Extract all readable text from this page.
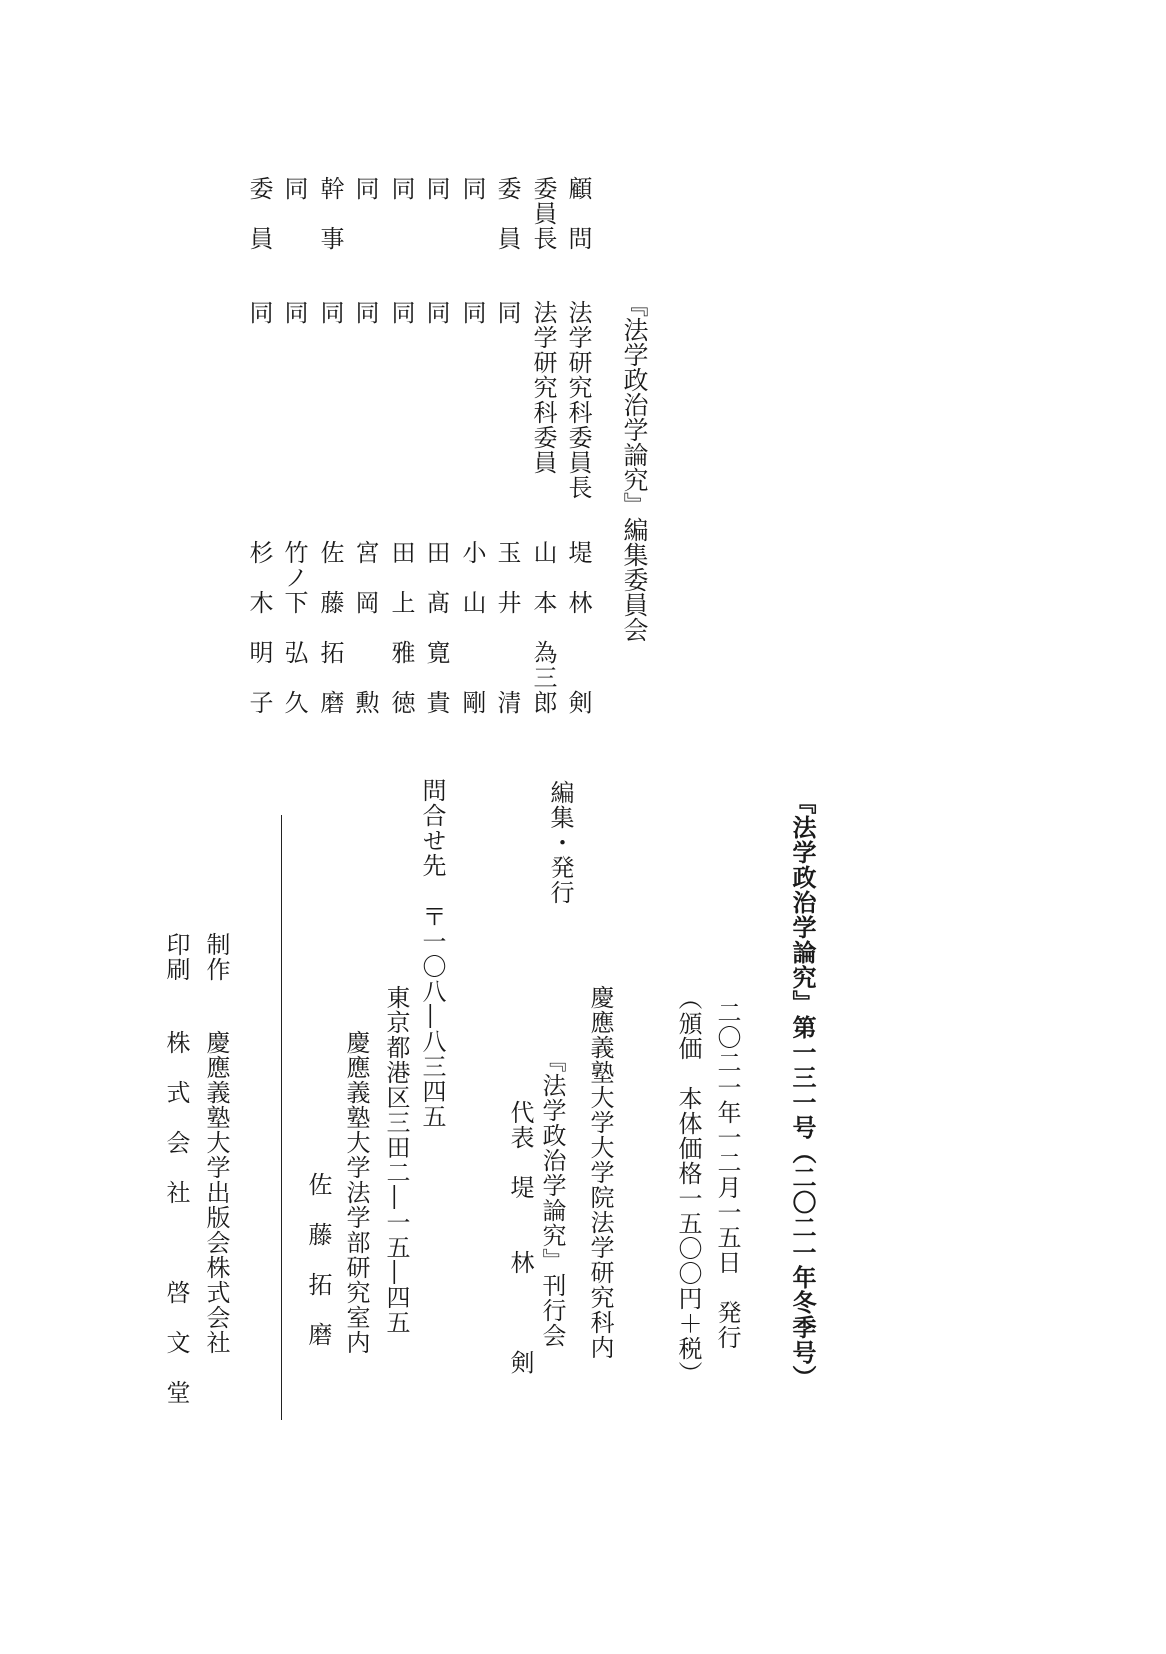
『法学政治学論究』編集委員会
顧　問
法学研究科委員長
堤　林　　　剣
委員長
法学研究科委員
山　本　為三郎
委　員
同
玉　井　　　清
同
同
小　山　　　剛
同
同
田　髙　寛　貴
同
同
田　上　雅　徳
同
同
宮　岡　　　勲
幹　事
同
佐　藤　拓　磨
同
同
竹ノ下　弘　久
委　員
同
杉　木　明　子
『法学政治学論究』第一三一号（二〇二一年冬季号）
二〇二一年一二月一五日　発行
（頒価　本体価格一五〇〇円＋税）
編集・発行
慶應義塾大学大学院法学研究科内
『法学政治学論究』刊行会
代表　堤　　林　　　剣
問合せ先
〒一〇八―八三四五
東京都港区三田二―一五―四五
慶應義塾大学法学部研究室内
佐　藤　拓　磨
制作
慶應義塾大学出版会株式会社
印刷
株　式　会　社　　　啓　文　堂
